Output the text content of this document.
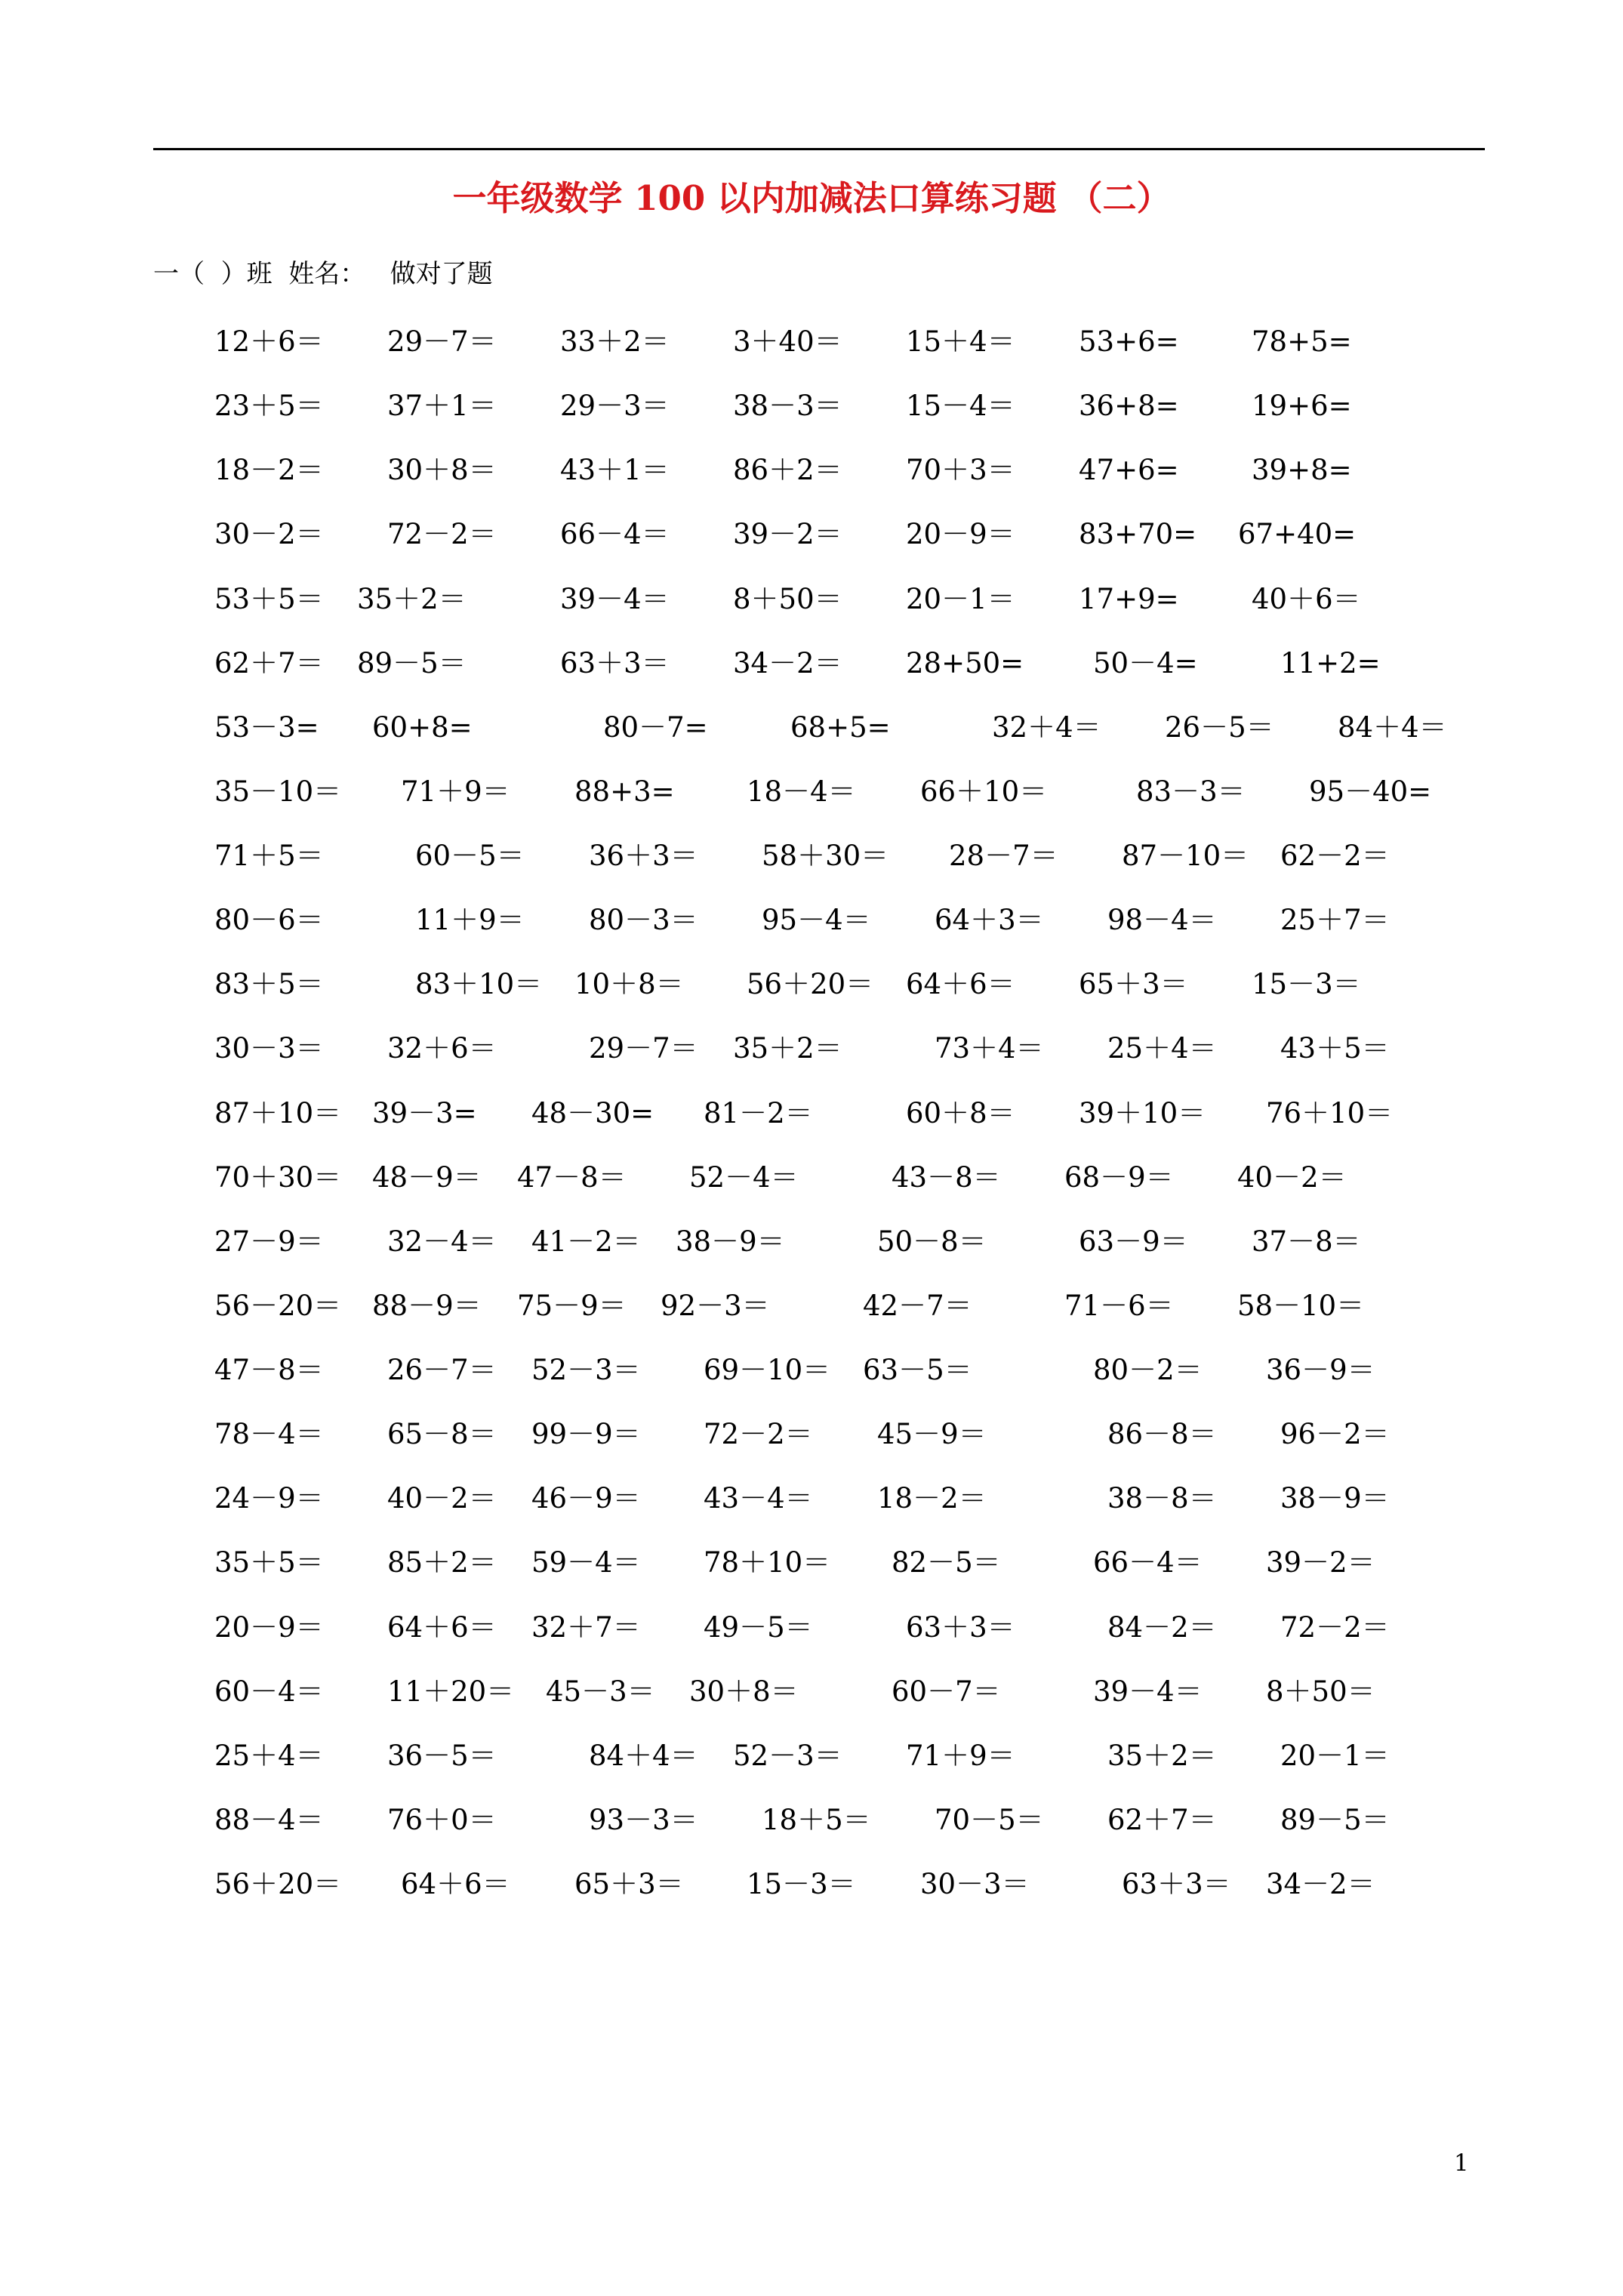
一年级数学 100 以内加减法口算练习题 （二）
一（  ）班  姓名：   做对了题
12＋6＝ 29－7＝ 33＋2＝ 3＋40＝ 15＋4＝ 53+6=	78+5=
23＋5＝ 37＋1＝ 29－3＝ 38－3＝ 15－4＝ 36+8=	19+6=
18－2＝ 30＋8＝ 43＋1＝ 86＋2＝ 70＋3＝ 47+6=	39+8=
30－2＝ 72－2＝ 66－4＝ 39－2＝ 20－9＝ 83+70= 67+40=
53＋5＝ 35＋2＝	39－4＝ 8＋50＝ 20－1＝ 17+9=	40＋6＝
62＋7＝ 89－5＝	63＋3＝ 34－2＝ 28+50= 50－4=	11+2=
53－3= 60+8=	80－7=	68+5=	32＋4＝ 26－5＝ 84＋4＝
35－10＝ 71＋9＝ 88+3=	18－4＝ 66＋10＝	83－3＝ 95－40=
71＋5＝	60－5＝ 36＋3＝ 58＋30＝ 28－7＝ 87－10＝ 62－2＝
80－6＝	11＋9＝ 80－3＝ 95－4＝ 64＋3＝ 98－4＝ 25＋7＝
83＋5＝	83＋10＝ 10＋8＝ 56＋20＝ 64＋6＝ 65＋3＝ 15－3＝
30－3＝ 32＋6＝	29－7＝ 35＋2＝	73＋4＝ 25＋4＝ 43＋5＝
87＋10＝ 39－3= 48－30= 81－2＝	60＋8＝ 39＋10＝ 76＋10＝
70＋30＝ 48－9＝ 47－8＝ 52－4＝	43－8＝ 68－9＝ 40－2＝
27－9＝ 32－4＝ 41－2＝ 38－9＝	50－8＝	63－9＝ 37－8＝
56－20＝ 88－9＝ 75－9＝ 92－3＝	42－7＝	71－6＝ 58－10＝
47－8＝ 26－7＝ 52－3＝ 69－10＝ 63－5＝	80－2＝ 36－9＝
78－4＝ 65－8＝ 99－9＝ 72－2＝ 45－9＝	86－8＝ 96－2＝
24－9＝ 40－2＝ 46－9＝ 43－4＝ 18－2＝	38－8＝ 38－9＝
35＋5＝ 85＋2＝ 59－4＝ 78＋10＝ 82－5＝	66－4＝ 39－2＝
20－9＝ 64＋6＝ 32＋7＝ 49－5＝	63＋3＝	84－2＝ 72－2＝
60－4＝ 11＋20＝ 45－3＝ 30＋8＝	60－7＝	39－4＝ 8＋50＝
25＋4＝ 36－5＝	84＋4＝ 52－3＝ 71＋9＝	35＋2＝ 20－1＝
88－4＝ 76＋0＝	93－3＝ 18＋5＝ 70－5＝ 62＋7＝ 89－5＝
56＋20＝ 64＋6＝ 65＋3＝ 15－3＝ 30－3＝	63＋3＝ 34－2＝
1
